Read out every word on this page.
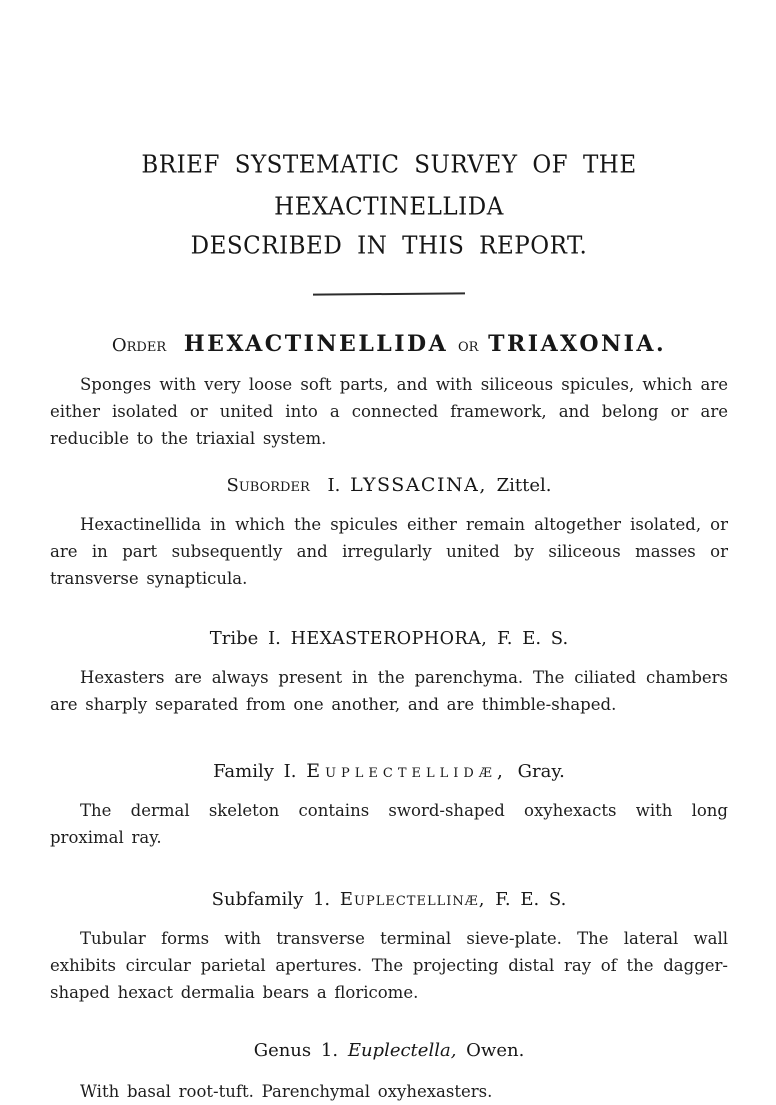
BRIEF SYSTEMATIC SURVEY OF THE HEXACTINELLIDA
DESCRIBED IN THIS REPORT.
Order HEXACTINELLIDA or TRIAXONIA.

Sponges with very loose soft parts, and with siliceous spicules, which are either isolated or united into a connected framework, and belong or are reducible to the triaxial system.

Suborder I. LYSSACINA, Zittel.

Hexactinellida in which the spicules either remain altogether isolated, or are in part subsequently and irregularly united by siliceous masses or transverse synapticula.

Tribe I. HEXASTEROPHORA, F. E. S.

Hexasters are always present in the parenchyma. The ciliated chambers are sharply separated from one another, and are thimble-shaped.

Family I. Euplectellidæ, Gray.

The dermal skeleton contains sword-shaped oxyhexacts with long proximal ray.

Subfamily 1. Euplectellinæ, F. E. S.

Tubular forms with transverse terminal sieve-plate. The lateral wall exhibits circular parietal apertures. The projecting distal ray of the dagger-shaped hexact dermalia bears a floricome.

Genus 1. Euplectella, Owen.

With basal root-tuft. Parenchymal oxyhexasters.
